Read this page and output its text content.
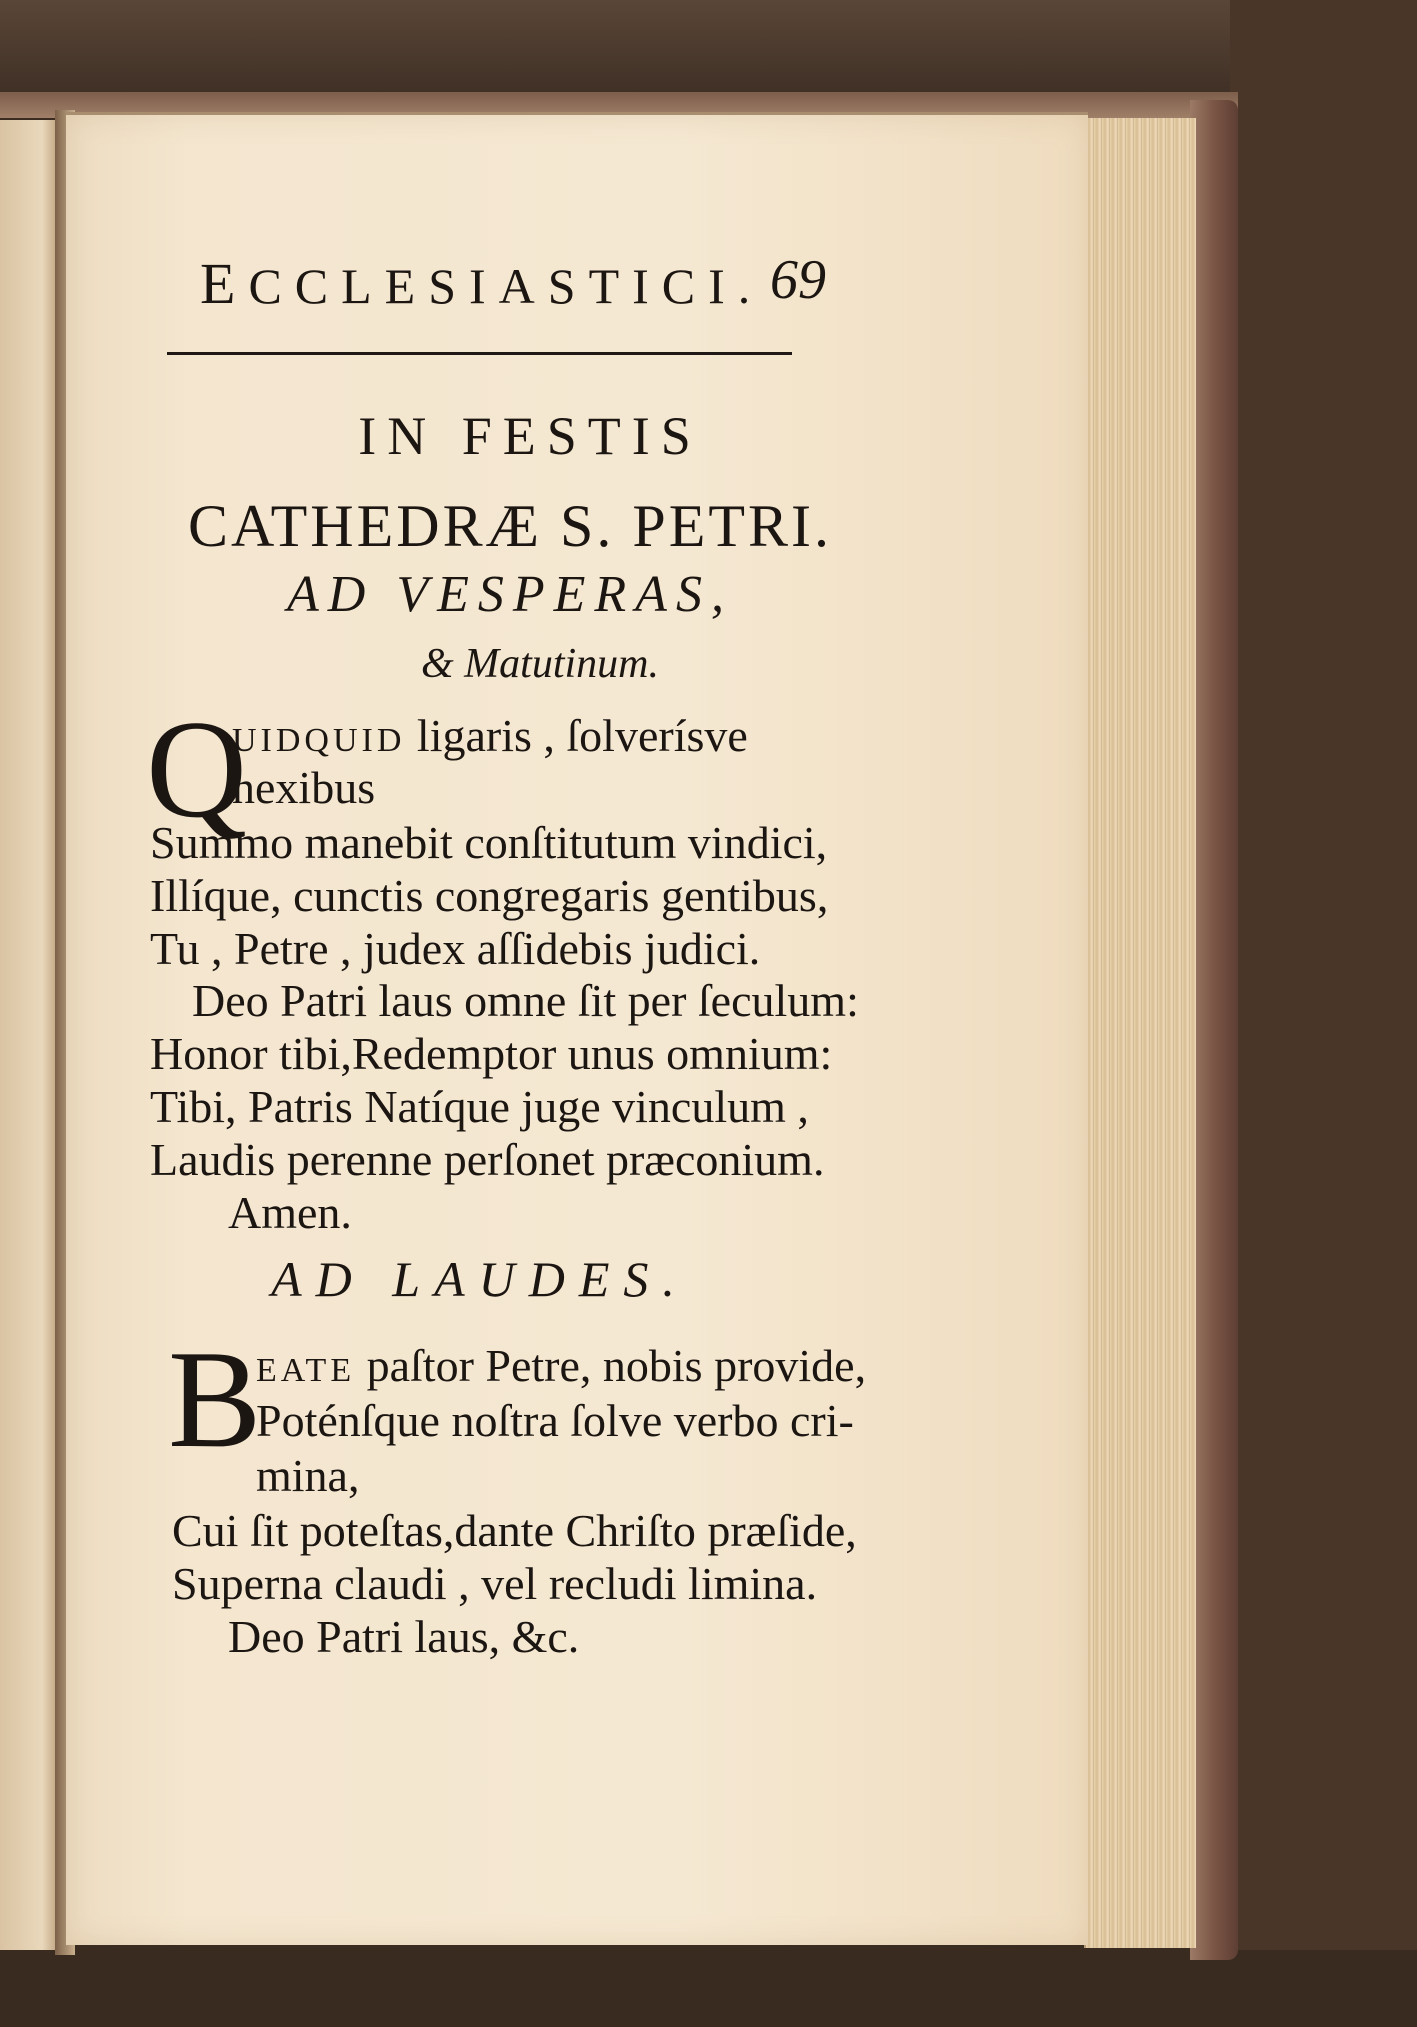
ECCLESIASTICI. 69
IN FESTIS
CATHEDRÆ S. PETRI.
AD VESPERAS,
& Matutinum.
Q
UIDQUID ligaris , ſolverísve
nexibus
Summo manebit conſtitutum vindici,
Illíque, cunctis congregaris gentibus,
Tu , Petre , judex aſſidebis judici.
Deo Patri laus omne ſit per ſeculum:
Honor tibi,Redemptor unus omnium:
Tibi, Patris Natíque juge vinculum ,
Laudis perenne perſonet præconium.
Amen.
AD LAUDES.
B
EATE paſtor Petre, nobis provide,
Poténſque noſtra ſolve verbo cri-
mina,
Cui ſit poteſtas,dante Chriſto præſide,
Superna claudi , vel recludi limina.
Deo Patri laus, &c.
